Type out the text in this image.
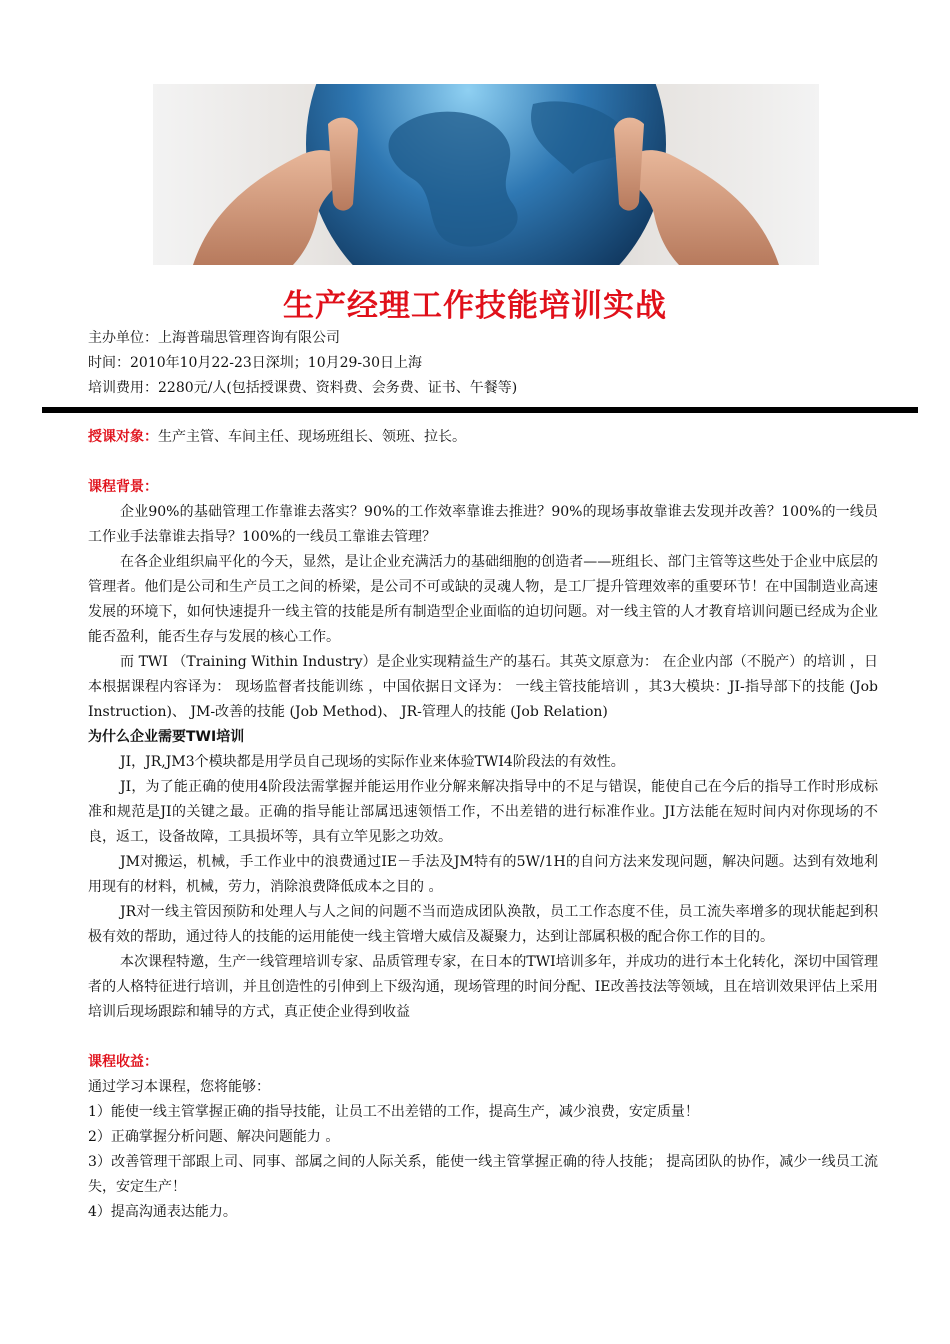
生产经理工作技能培训实战
主办单位：上海普瑞思管理咨询有限公司
时间：2010年10月22-23日深圳；10月29-30日上海
培训费用：2280元/人(包括授课费、资料费、会务费、证书、午餐等)

授课对象：生产主管、车间主任、现场班组长、领班、拉长。

课程背景：

企业90%的基础管理工作靠谁去落实？90%的工作效率靠谁去推进？90%的现场事故靠谁去发现并改善？100%的一线员工作业手法靠谁去指导？100%的一线员工靠谁去管理？

在各企业组织扁平化的今天，显然，是让企业充满活力的基础细胞的创造者——班组长、部门主管等这些处于企业中底层的管理者。他们是公司和生产员工之间的桥梁，是公司不可或缺的灵魂人物，是工厂提升管理效率的重要环节！在中国制造业高速发展的环境下，如何快速提升一线主管的技能是所有制造型企业面临的迫切问题。对一线主管的人才教育培训问题已经成为企业能否盈利，能否生存与发展的核心工作。

而 TWI （Training Within Industry）是企业实现精益生产的基石。其英文原意为： 在企业内部（不脱产）的培训 ，日本根据课程内容译为： 现场监督者技能训练 ，中国依据日文译为： 一线主管技能培训 ，其3大模块：JI-指导部下的技能 (Job Instruction)、 JM-改善的技能 (Job Method)、 JR-管理人的技能 (Job Relation)

为什么企业需要TWI培训

JI，JR,JM3个模块都是用学员自己现场的实际作业来体验TWI4阶段法的有效性。

JI，为了能正确的使用4阶段法需掌握并能运用作业分解来解决指导中的不足与错误，能使自己在今后的指导工作时形成标准和规范是JI的关键之最。正确的指导能让部属迅速领悟工作，不出差错的进行标准作业。JI方法能在短时间内对你现场的不良，返工，设备故障，工具损坏等，具有立竿见影之功效。

JM对搬运，机械，手工作业中的浪费通过IE－手法及JM特有的5W/1H的自问方法来发现问题，解决问题。达到有效地利用现有的材料，机械，劳力，消除浪费降低成本之目的 。

JR对一线主管因预防和处理人与人之间的问题不当而造成团队涣散，员工工作态度不佳，员工流失率增多的现状能起到积极有效的帮助，通过待人的技能的运用能使一线主管增大威信及凝聚力，达到让部属积极的配合你工作的目的。

本次课程特邀，生产一线管理培训专家、品质管理专家，在日本的TWI培训多年，并成功的进行本土化转化，深切中国管理者的人格特征进行培训，并且创造性的引伸到上下级沟通，现场管理的时间分配、IE改善技法等领域，且在培训效果评估上采用培训后现场跟踪和辅导的方式，真正使企业得到收益

课程收益：

通过学习本课程，您将能够：

1）能使一线主管掌握正确的指导技能，让员工不出差错的工作，提高生产，减少浪费，安定质量！

2）正确掌握分析问题、解决问题能力 。

3）改善管理干部跟上司、同事、部属之间的人际关系，能使一线主管掌握正确的待人技能； 提高团队的协作，减少一线员工流失，安定生产！

4）提高沟通表达能力。
